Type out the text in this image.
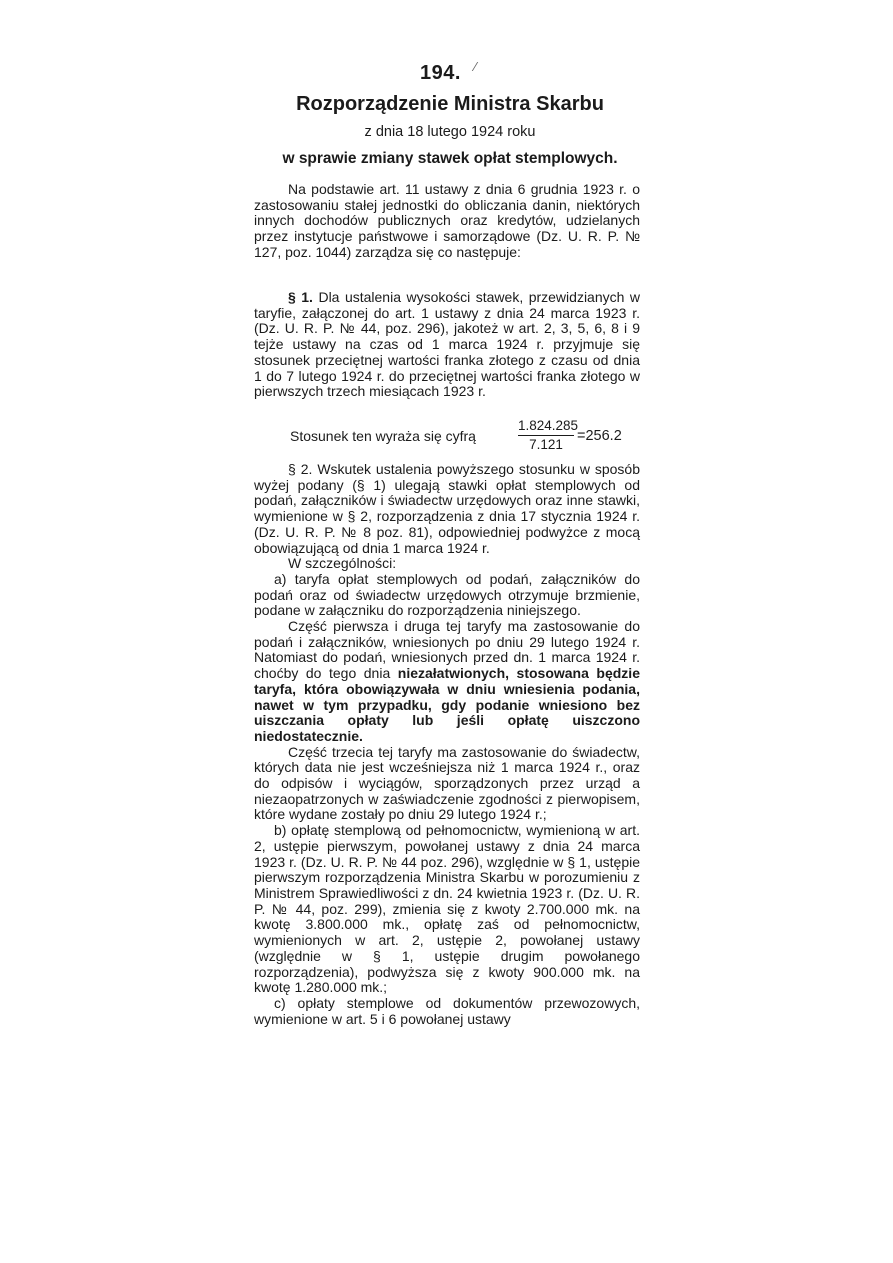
194.	⁄
Rozporządzenie Ministra Skarbu
z dnia 18 lutego 1924 roku
w sprawie zmiany stawek opłat stemplowych.

Na podstawie art. 11 ustawy z dnia 6 grudnia 1923 r. o zastosowaniu stałej jednostki do obliczania danin, niektórych innych dochodów publicznych oraz kredytów, udzielanych przez instytucje państwowe i samorządowe (Dz. U. R. P. № 127, poz. 1044) zarządza się co następuje:

§ 1. Dla ustalenia wysokości stawek, przewidzianych w taryfie, załączonej do art. 1 ustawy z dnia 24 marca 1923 r. (Dz. U. R. P. № 44, poz. 296), jakoteż w art. 2, 3, 5, 6, 8 i 9 tejże ustawy na czas od 1 marca 1924 r. przyjmuje się stosunek przeciętnej wartości franka złotego z czasu od dnia 1 do 7 lutego 1924 r. do przeciętnej wartości franka złotego w pierwszych trzech miesiącach 1923 r.

Stosunek ten wyraża się cyfrą	$\frac{1.824.285}{7.121} =256.2$

§ 2. Wskutek ustalenia powyższego stosunku w sposób wyżej podany (§ 1) ulegają stawki opłat stemplowych od podań, załączników i świadectw urzędowych oraz inne stawki, wymienione w § 2, rozporządzenia z dnia 17 stycznia 1924 r. (Dz. U. R. P. № 8 poz. 81), odpowiedniej podwyżce z mocą obowiązującą od dnia 1 marca 1924 r.

W szczególności:

a) taryfa opłat stemplowych od podań, załączników do podań oraz od świadectw urzędowych otrzymuje brzmienie, podane w załączniku do rozporządzenia niniejszego.

Część pierwsza i druga tej taryfy ma zastosowanie do podań i załączników, wniesionych po dniu 29 lutego 1924 r. Natomiast do podań, wniesionych przed dn. 1 marca 1924 r. choćby do tego dnia niezałatwionych, stosowana będzie taryfa, która obowiązywała w dniu wniesienia podania, nawet w tym przypadku, gdy podanie wniesiono bez uiszczania opłaty lub jeśli opłatę uiszczono niedostatecznie.

Część trzecia tej taryfy ma zastosowanie do świadectw, których data nie jest wcześniejsza niż 1 marca 1924 r., oraz do odpisów i wyciągów, sporządzonych przez urząd a niezaopatrzonych w zaświadczenie zgodności z pierwopisem, które wydane zostały po dniu 29 lutego 1924 r.;

b) opłatę stemplową od pełnomocnictw, wymienioną w art. 2, ustępie pierwszym, powołanej ustawy z dnia 24 marca 1923 r. (Dz. U. R. P. № 44 poz. 296), względnie w § 1, ustępie pierwszym rozporządzenia Ministra Skarbu w porozumieniu z Ministrem Sprawiedliwości z dn. 24 kwietnia 1923 r. (Dz. U. R. P. № 44, poz. 299), zmienia się z kwoty 2.700.000 mk. na kwotę 3.800.000 mk., opłatę zaś od pełnomocnictw, wymienionych w art. 2, ustępie 2, powołanej ustawy (względnie w § 1, ustępie drugim powołanego rozporządzenia), podwyższa się z kwoty 900.000 mk. na kwotę 1.280.000 mk.;

c) opłaty stemplowe od dokumentów przewozowych, wymienione w art. 5 i 6 powołanej ustawy
